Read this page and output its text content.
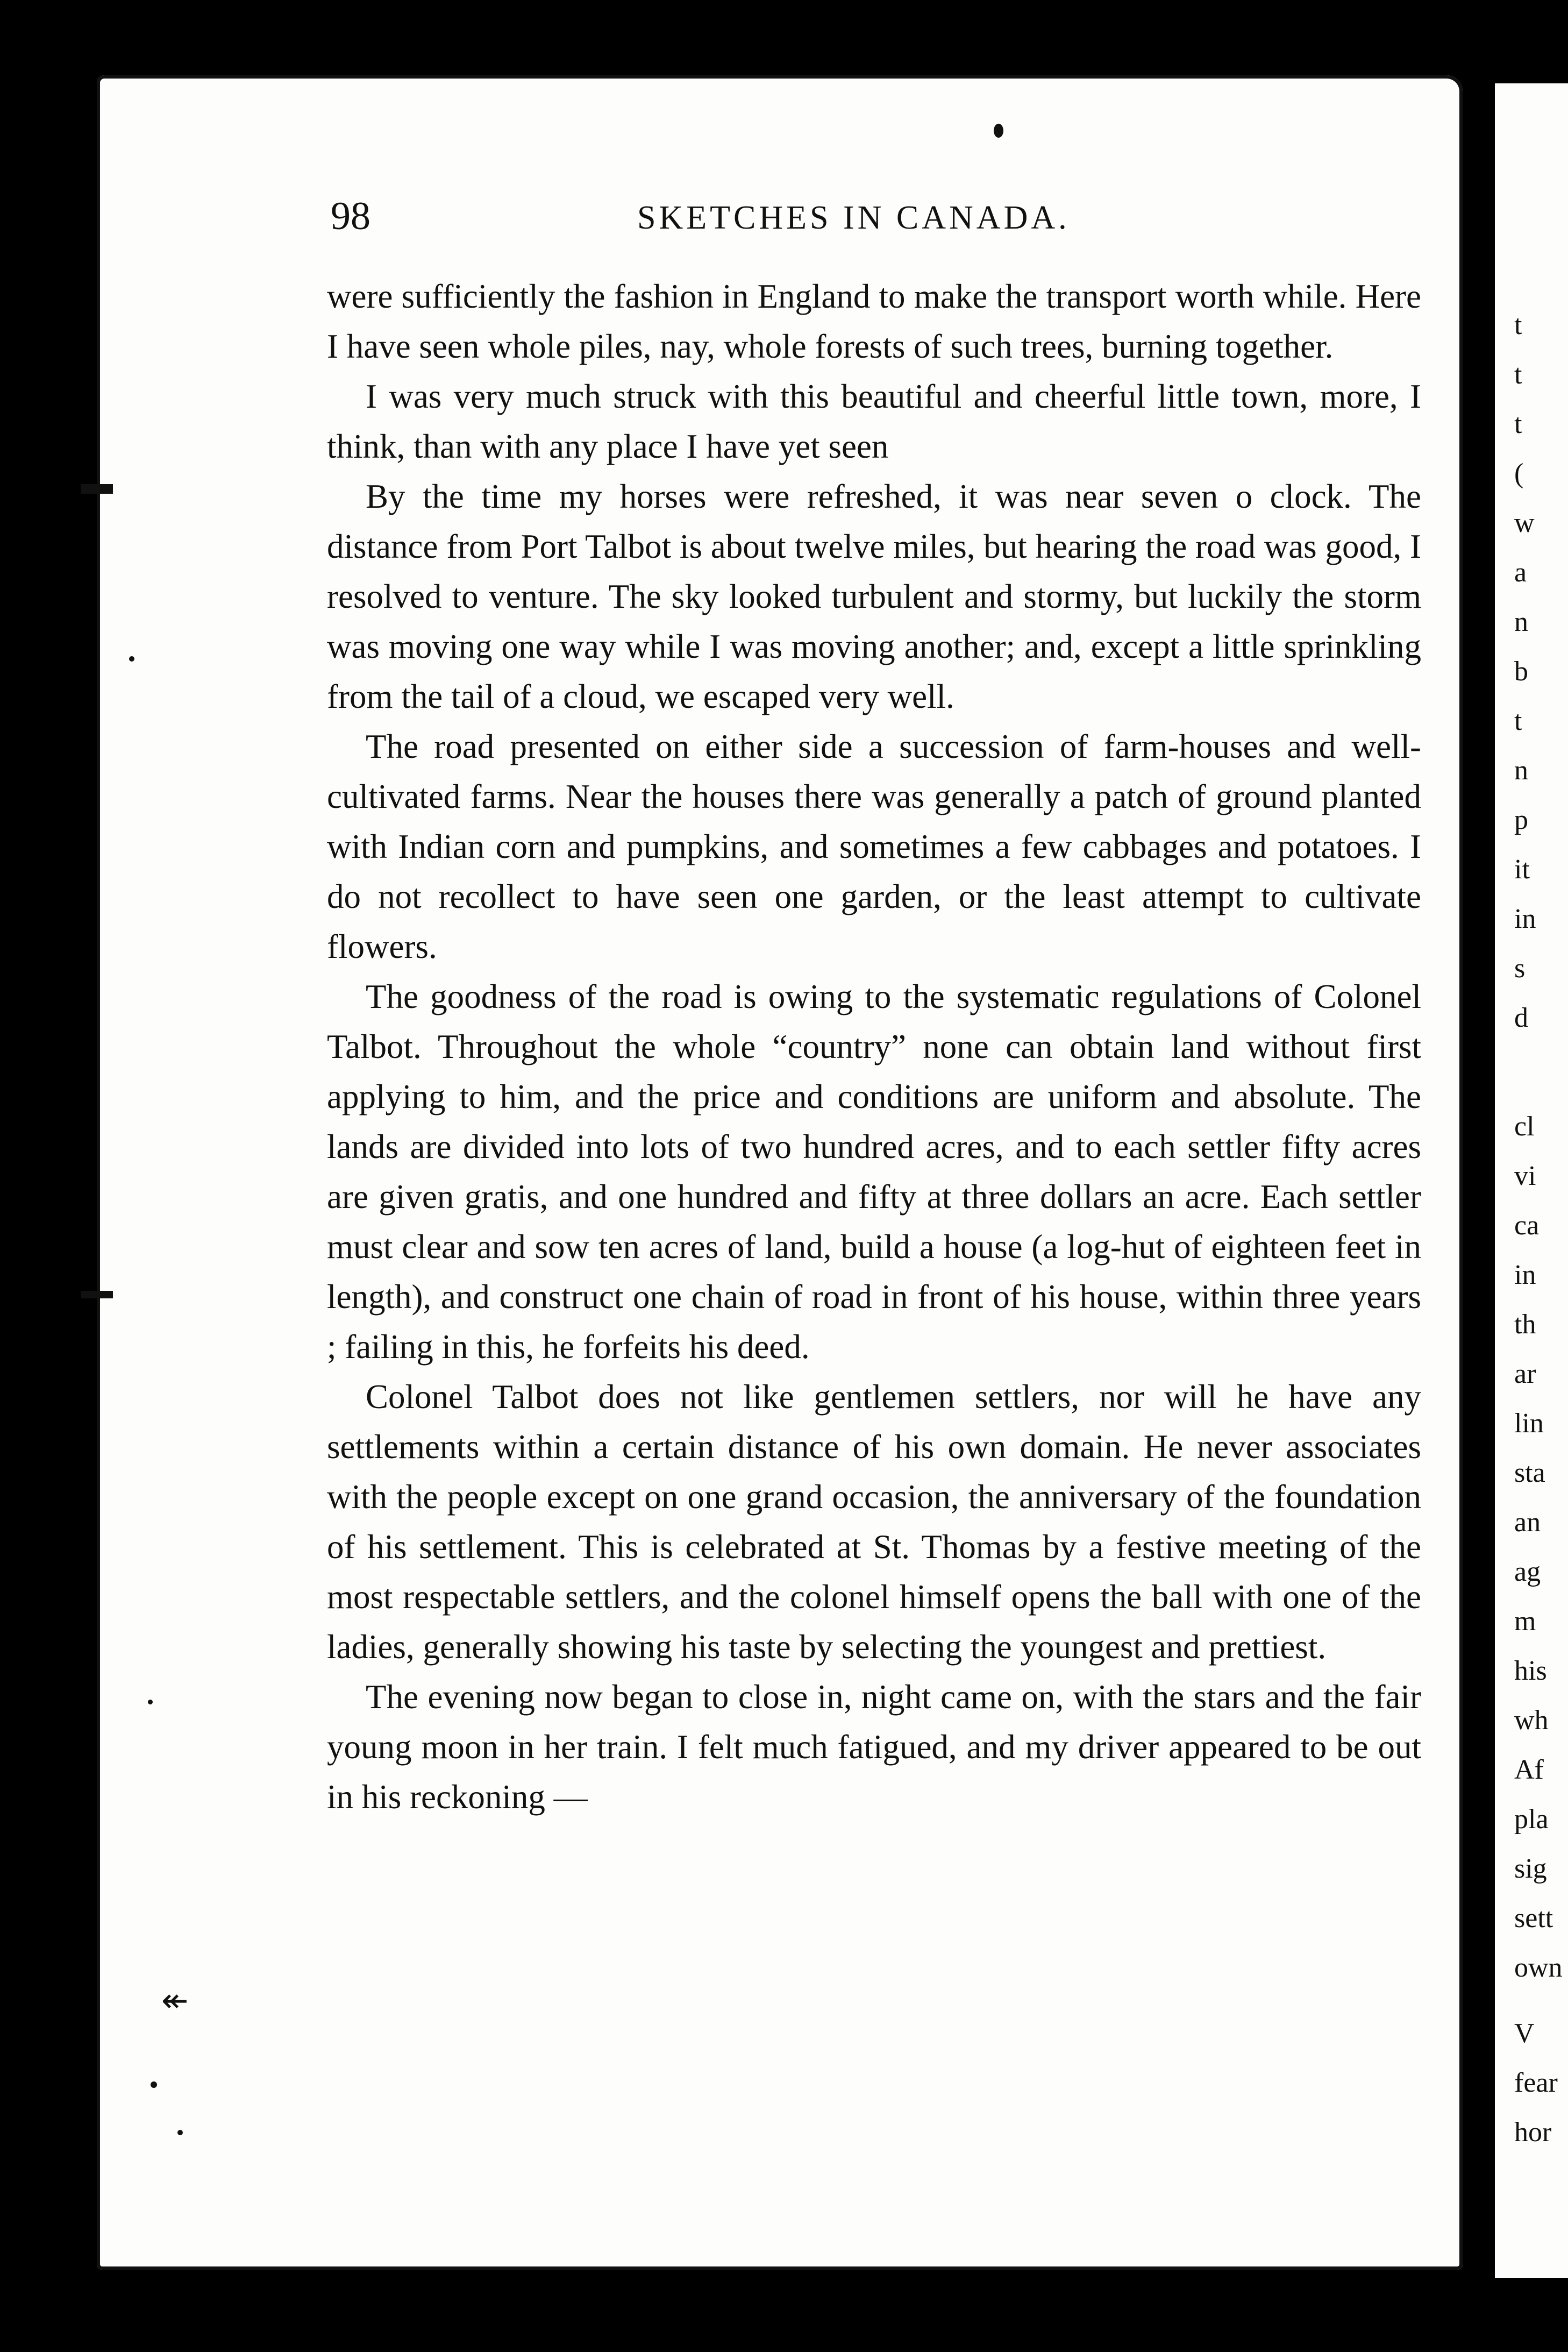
t
t
t
(
w
a
n
b
t
n
p
it
in
s
d
cl
vi
ca
in
th
ar
lin
sta
an
ag
m
his
wh
Af
pla
sig
sett
own
V
fear
hor
98	SKETCHES IN CANADA.

were sufficiently the fashion in England to make the transport worth while. Here I have seen whole piles, nay, whole forests of such trees, burning together.

I was very much struck with this beautiful and cheerful little town, more, I think, than with any place I have yet seen

By the time my horses were refreshed, it was near seven o clock. The distance from Port Talbot is about twelve miles, but hearing the road was good, I resolved to venture. The sky looked turbulent and stormy, but luckily the storm was moving one way while I was moving another; and, except a little sprinkling from the tail of a cloud, we escaped very well.

The road presented on either side a succession of farm-houses and well-cultivated farms. Near the houses there was generally a patch of ground planted with Indian corn and pumpkins, and sometimes a few cabbages and potatoes. I do not recollect to have seen one garden, or the least attempt to cultivate flowers.

The goodness of the road is owing to the systematic regulations of Colonel Talbot. Throughout the whole “country” none can obtain land without first applying to him, and the price and conditions are uniform and absolute. The lands are divided into lots of two hundred acres, and to each settler fifty acres are given gratis, and one hundred and fifty at three dollars an acre. Each settler must clear and sow ten acres of land, build a house (a log-hut of eighteen feet in length), and construct one chain of road in front of his house, within three years ; failing in this, he forfeits his deed.

Colonel Talbot does not like gentlemen settlers, nor will he have any settlements within a certain distance of his own domain. He never associates with the people except on one grand occasion, the anniversary of the foundation of his settlement. This is celebrated at St. Thomas by a festive meeting of the most respectable settlers, and the colonel himself opens the ball with one of the ladies, generally showing his taste by selecting the youngest and prettiest.

The evening now began to close in, night came on, with the stars and the fair young moon in her train. I felt much fatigued, and my driver appeared to be out in his reckoning —

↞
